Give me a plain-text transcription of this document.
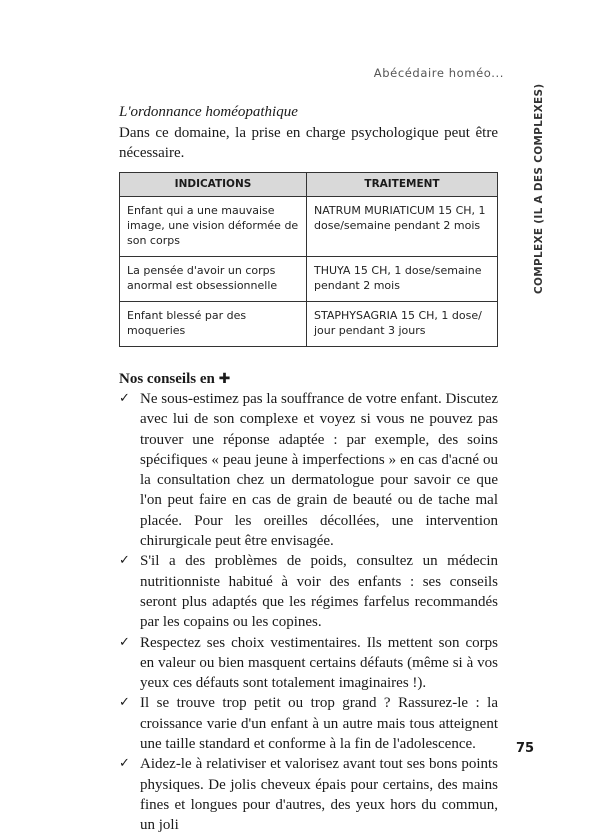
Abécédaire homéo...
COMPLEXE (IL A DES COMPLEXES)
L'ordonnance homéopathique
Dans ce domaine, la prise en charge psychologique peut être nécessaire.
INDICATIONS	TRAITEMENT
Enfant qui a une mauvaise image, une vision déformée de son corps	NATRUM MURIATICUM 15 CH, 1 dose/semaine pendant 2 mois
La pensée d'avoir un corps anormal est obsessionnelle	THUYA 15 CH, 1 dose/semaine pendant 2 mois
Enfant blessé par des moqueries	STAPHYSAGRIA 15 CH, 1 dose/ jour pendant 3 jours
Nos conseils en ✚
✓ Ne sous-estimez pas la souffrance de votre enfant. Discutez avec lui de son complexe et voyez si vous ne pouvez pas trouver une réponse adaptée : par exemple, des soins spécifiques « peau jeune à imperfections » en cas d'acné ou la consultation chez un dermatologue pour savoir ce que l'on peut faire en cas de grain de beauté ou de tache mal placée. Pour les oreilles décollées, une intervention chirurgicale peut être envisagée.
✓ S'il a des problèmes de poids, consultez un médecin nutritionniste habitué à voir des enfants : ses conseils seront plus adaptés que les régimes farfelus recommandés par les copains ou les copines.
✓ Respectez ses choix vestimentaires. Ils mettent son corps en valeur ou bien masquent certains défauts (même si à vos yeux ces défauts sont totalement imaginaires !).
✓ Il se trouve trop petit ou trop grand ? Rassurez-le : la croissance varie d'un enfant à un autre mais tous atteignent une taille standard et conforme à la fin de l'adolescence.
✓ Aidez-le à relativiser et valorisez avant tout ses bons points physiques. De jolis cheveux épais pour certains, des mains fines et longues pour d'autres, des yeux hors du commun, un joli
75
